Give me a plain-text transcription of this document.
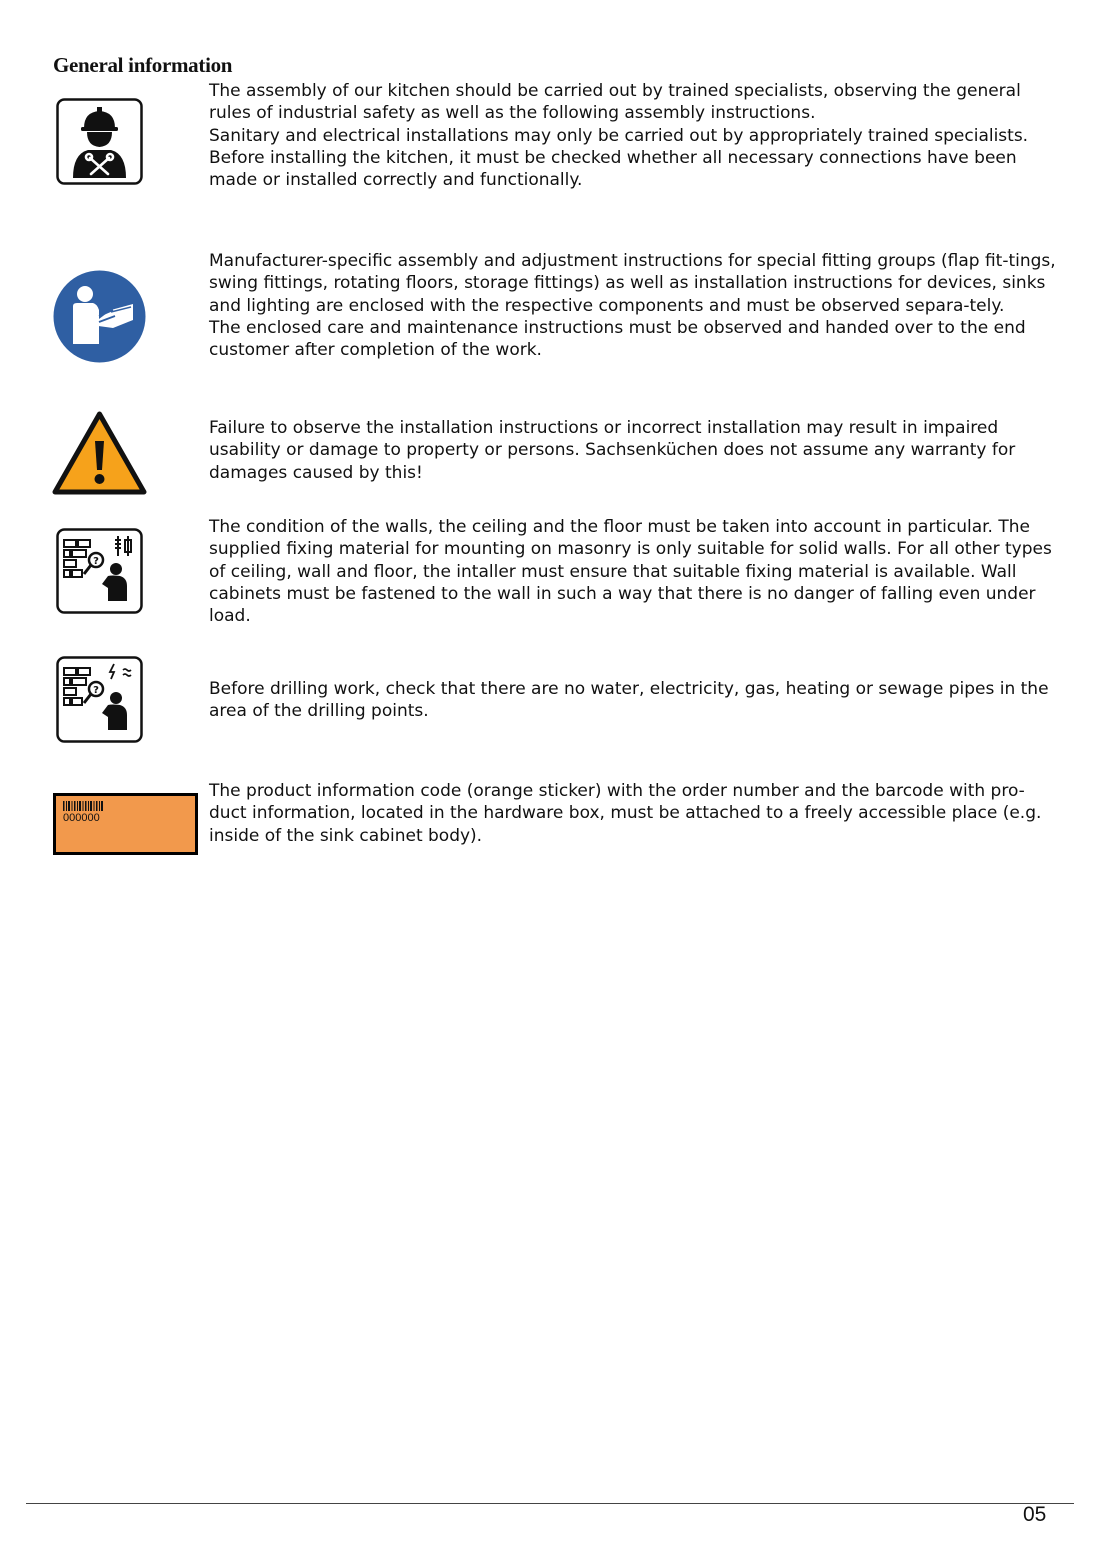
General information

The assembly of our kitchen should be carried out by trained specialists, observing the general rules of industrial safety as well as the following assembly instructions.

Sanitary and electrical installations may only be carried out by appropriately trained specialists. Before installing the kitchen, it must be checked whether all necessary connections have been made or installed correctly and functionally.

Manufacturer-specific assembly and adjustment instructions for special fitting groups (flap fit-tings, swing fittings, rotating floors, storage fittings) as well as installation instructions for devices, sinks and lighting are enclosed with the respective components and must be observed separa-tely.

The enclosed care and maintenance instructions must be observed and handed over to the end customer after completion of the work.

Failure to observe the installation instructions or incorrect installation may result in impaired usability or damage to property or persons. Sachsenküchen does not assume any warranty for damages caused by this!

?

The condition of the walls, the ceiling and the floor must be taken into account in particular. The supplied fixing material for mounting on masonry is only suitable for solid walls. For all other types of ceiling, wall and floor, the intaller must ensure that suitable fixing material is available. Wall cabinets must be fastened to the wall in such a way that there is no danger of falling even under load.

?	Before drilling work, check that there are no water, electricity, gas, heating or sewage pipes in the area of the drilling points.

000000

The product information code (orange sticker) with the order number and the barcode with pro-duct information, located in the hardware box, must be attached to a freely accessible place (e.g. inside of the sink cabinet body).

05
